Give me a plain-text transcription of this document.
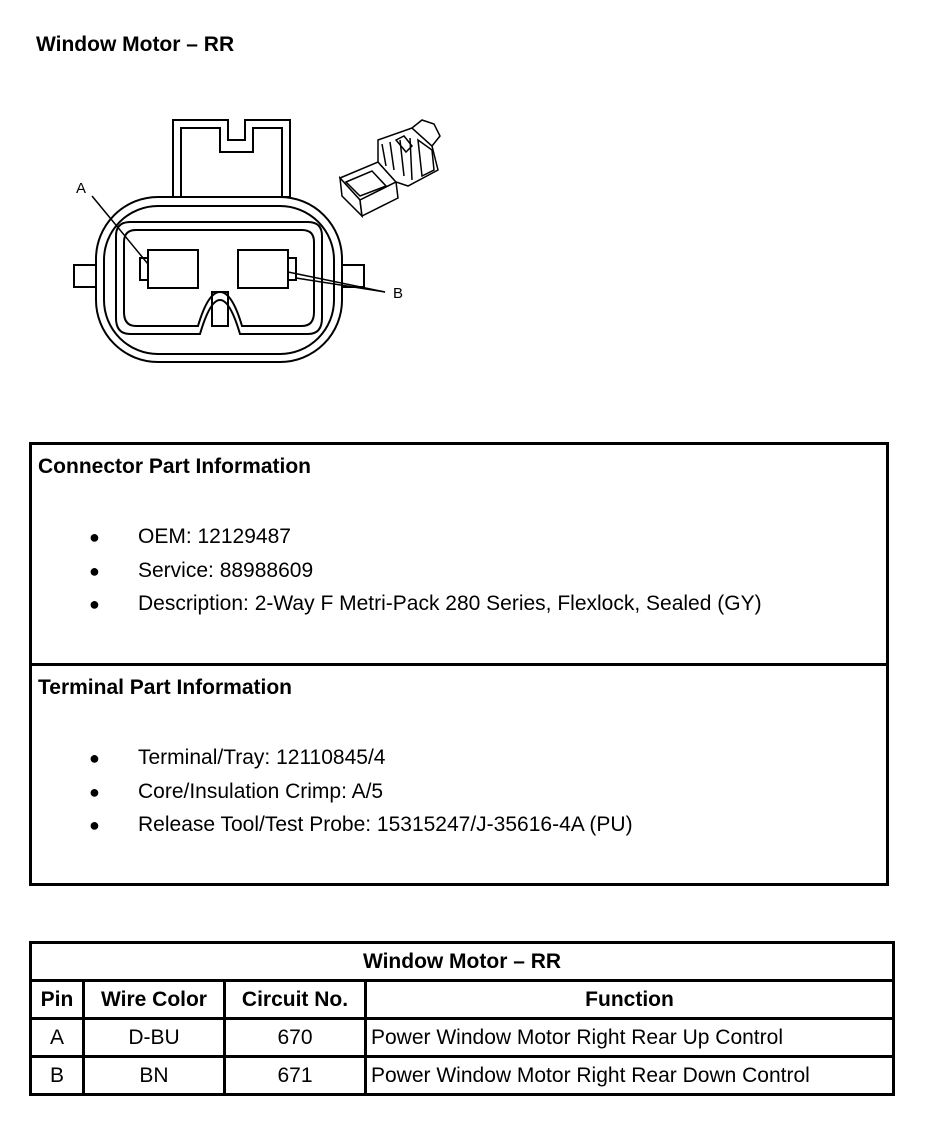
Window Motor – RR
A
B
Connector Part Information
● OEM: 12129487
● Service: 88988609
● Description: 2-Way F Metri-Pack 280 Series, Flexlock, Sealed (GY)
Terminal Part Information
● Terminal/Tray: 12110845/4
● Core/Insulation Crimp: A/5
● Release Tool/Test Probe: 15315247/J-35616-4A (PU)
Window Motor – RR			
Pin	Wire Color	Circuit No.	Function
A	D-BU	670	Power Window Motor Right Rear Up Control
B	BN	671	Power Window Motor Right Rear Down Control
